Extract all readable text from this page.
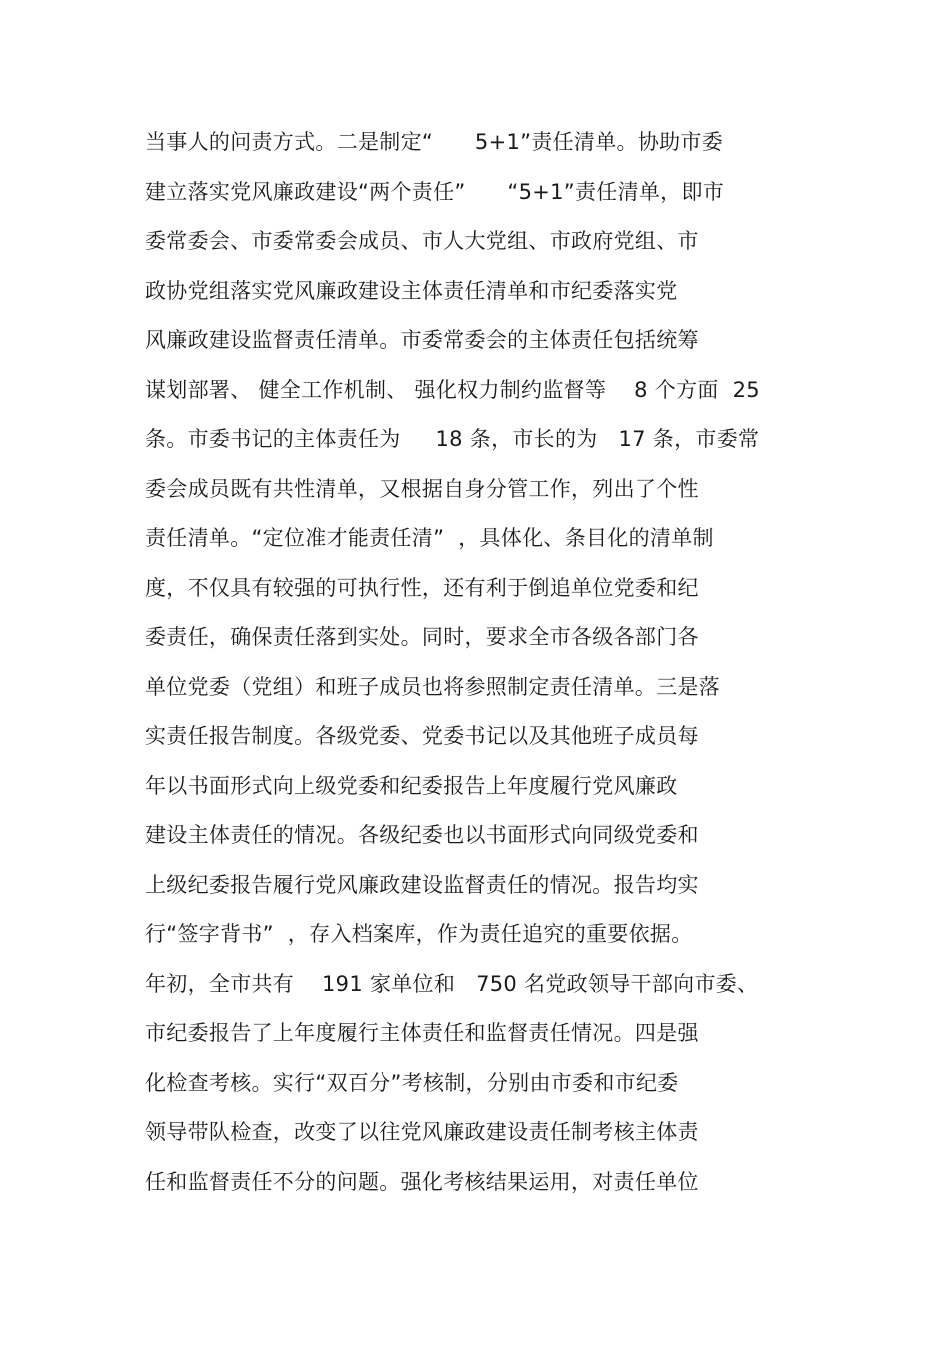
当事人的问责方式。二是制定“      5+1”责任清单。协助市委
建立落实党风廉政建设“两个责任”      “5+1”责任清单，即市
委常委会、市委常委会成员、市人大党组、市政府党组、市
政协党组落实党风廉政建设主体责任清单和市纪委落实党
风廉政建设监督责任清单。市委常委会的主体责任包括统筹
谋划部署、 健全工作机制、 强化权力制约监督等    8 个方面  25
条。市委书记的主体责任为     18 条，市长的为   17 条，市委常
委会成员既有共性清单，又根据自身分管工作，列出了个性
责任清单。“定位准才能责任清”  ，具体化、条目化的清单制
度，不仅具有较强的可执行性，还有利于倒追单位党委和纪
委责任，确保责任落到实处。同时，要求全市各级各部门各
单位党委（党组）和班子成员也将参照制定责任清单。三是落
实责任报告制度。各级党委、党委书记以及其他班子成员每
年以书面形式向上级党委和纪委报告上年度履行党风廉政
建设主体责任的情况。各级纪委也以书面形式向同级党委和
上级纪委报告履行党风廉政建设监督责任的情况。报告均实
行“签字背书”  ，存入档案库，作为责任追究的重要依据。
年初，全市共有    191 家单位和   750 名党政领导干部向市委、
市纪委报告了上年度履行主体责任和监督责任情况。四是强
化检查考核。实行“双百分”考核制，分别由市委和市纪委
领导带队检查，改变了以往党风廉政建设责任制考核主体责
任和监督责任不分的问题。强化考核结果运用，对责任单位
